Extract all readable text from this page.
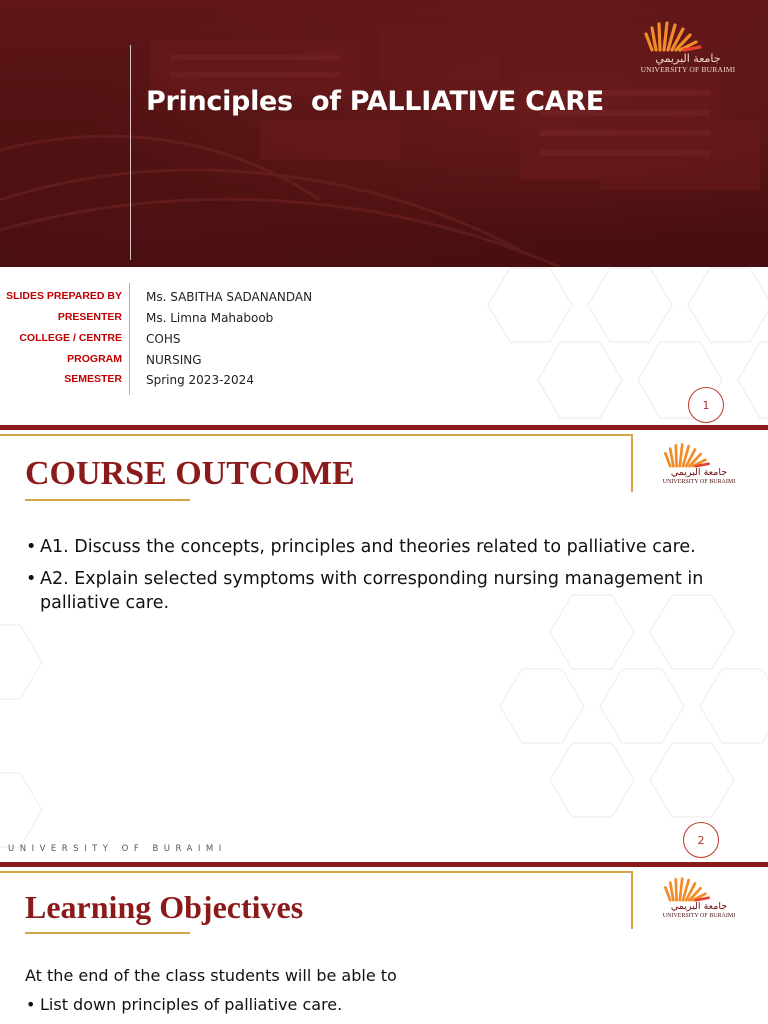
Principles  of PALLIATIVE CARE
جامعة البريمي
UNIVERSITY OF BURAIMI
SLIDES PREPARED BY Ms. SABITHA SADANANDAN
PRESENTER Ms. Limna Mahaboob
COLLEGE / CENTRE COHS
PROGRAM NURSING
SEMESTER Spring 2023-2024
1
COURSE OUTCOME	جامعة البريمي
UNIVERSITY OF BURAIMI
• A1. Discuss the concepts, principles and theories related to palliative care.
• A2. Explain selected symptoms with corresponding nursing management in palliative care.
UNIVERSITY OF BURAIMI
2
Learning Objectives	جامعة البريمي
UNIVERSITY OF BURAIMI
At the end of the class students will be able to
• List down principles of palliative care.
